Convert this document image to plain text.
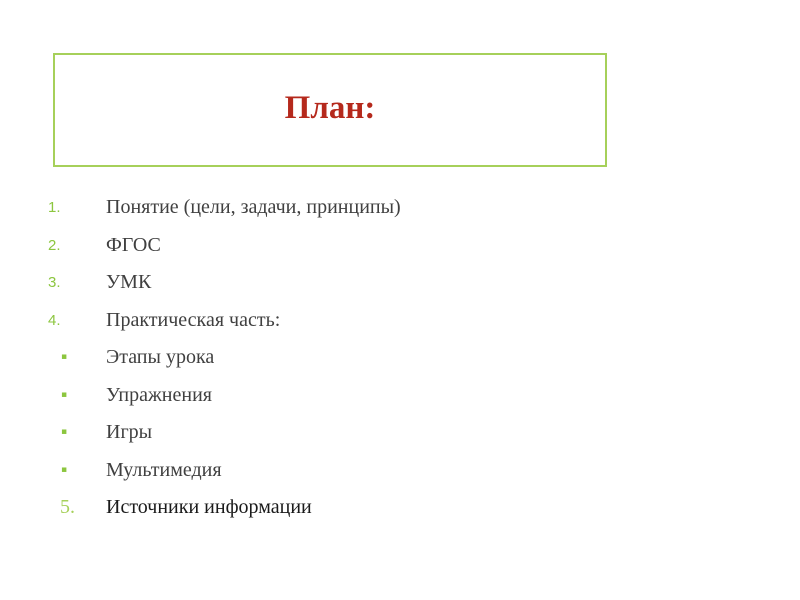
План:
1. Понятие (цели, задачи, принципы)
2. ФГОС
3. УМК
4. Практическая часть:
▪ Этапы урока
▪ Упражнения
▪ Игры
▪ Мультимедия
5. Источники информации
